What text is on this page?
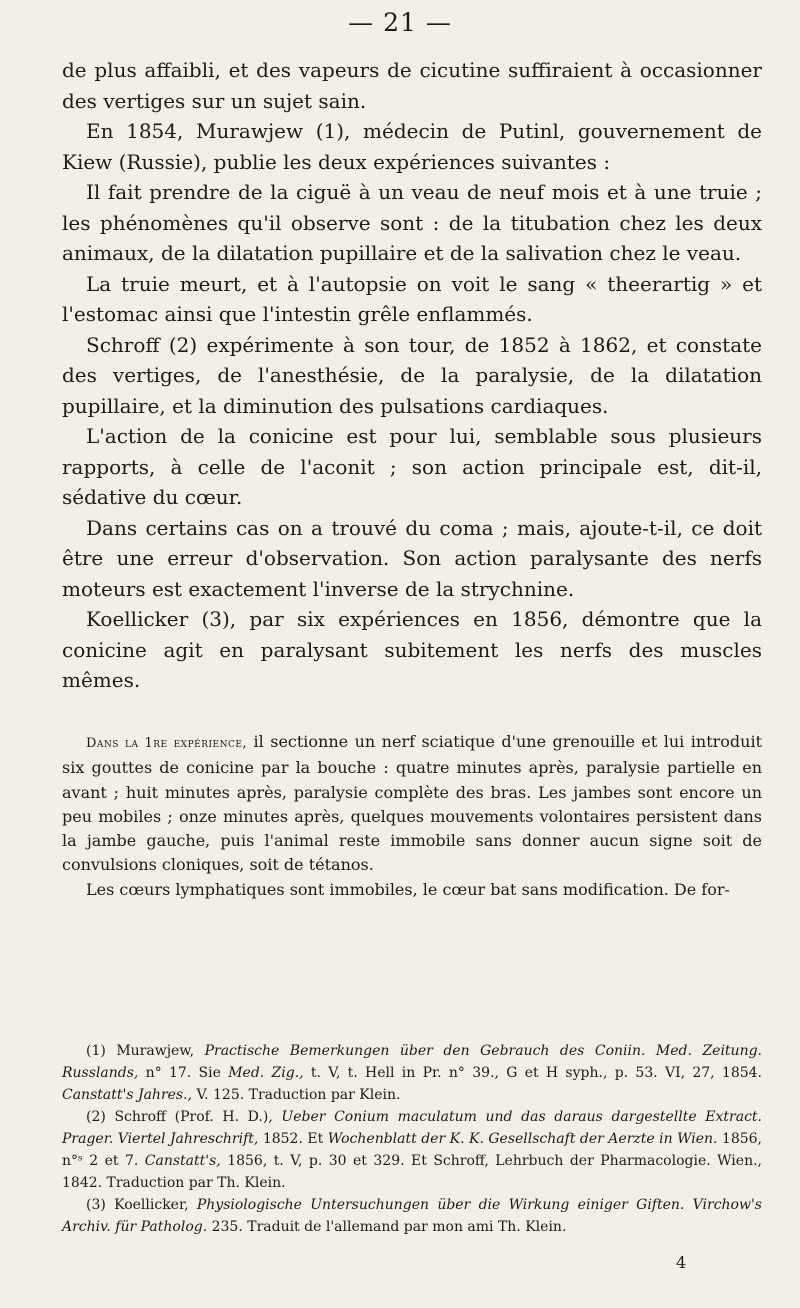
— 21 —

de plus affaibli, et des vapeurs de cicutine suffiraient à occasionner des vertiges sur un sujet sain.

En 1854, Murawjew (1), médecin de Putinl, gouvernement de Kiew (Russie), publie les deux expériences suivantes :

Il fait prendre de la ciguë à un veau de neuf mois et à une truie ; les phénomènes qu'il observe sont : de la titubation chez les deux animaux, de la dilatation pupillaire et de la salivation chez le veau.

La truie meurt, et à l'autopsie on voit le sang « theerartig » et l'estomac ainsi que l'intestin grêle enflammés.

Schroff (2) expérimente à son tour, de 1852 à 1862, et constate des vertiges, de l'anesthésie, de la paralysie, de la dilatation pupillaire, et la diminution des pulsations cardiaques.

L'action de la conicine est pour lui, semblable sous plusieurs rapports, à celle de l'aconit ; son action principale est, dit-il, sédative du cœur.

Dans certains cas on a trouvé du coma ; mais, ajoute-t-il, ce doit être une erreur d'observation. Son action paralysante des nerfs moteurs est exactement l'inverse de la strychnine.

Koellicker (3), par six expériences en 1856, démontre que la conicine agit en paralysant subitement les nerfs des muscles mêmes.

Dans la 1re expérience, il sectionne un nerf sciatique d'une grenouille et lui introduit six gouttes de conicine par la bouche : quatre minutes après, paralysie partielle en avant ; huit minutes après, paralysie complète des bras. Les jambes sont encore un peu mobiles ; onze minutes après, quelques mouvements volontaires persistent dans la jambe gauche, puis l'animal reste immobile sans donner aucun signe soit de convulsions cloniques, soit de tétanos.

Les cœurs lymphatiques sont immobiles, le cœur bat sans modification. De for-

(1) Murawjew, Practische Bemerkungen über den Gebrauch des Coniin. Med. Zeitung. Russlands, n° 17. Sie Med. Zig., t. V, t. Hell in Pr. n° 39., G et H syph., p. 53. VI, 27, 1854. Canstatt's Jahres., V. 125. Traduction par Klein.

(2) Schroff (Prof. H. D.), Ueber Conium maculatum und das daraus dargestellte Extract. Prager. Viertel Jahreschrift, 1852. Et Wochenblatt der K. K. Gesellschaft der Aerzte in Wien. 1856, n°ˢ 2 et 7. Canstatt's, 1856, t. V, p. 30 et 329. Et Schroff, Lehrbuch der Pharmacologie. Wien., 1842. Traduction par Th. Klein.

(3) Koellicker, Physiologische Untersuchungen über die Wirkung einiger Giften. Virchow's Archiv. für Patholog. 235. Traduit de l'allemand par mon ami Th. Klein.

4
